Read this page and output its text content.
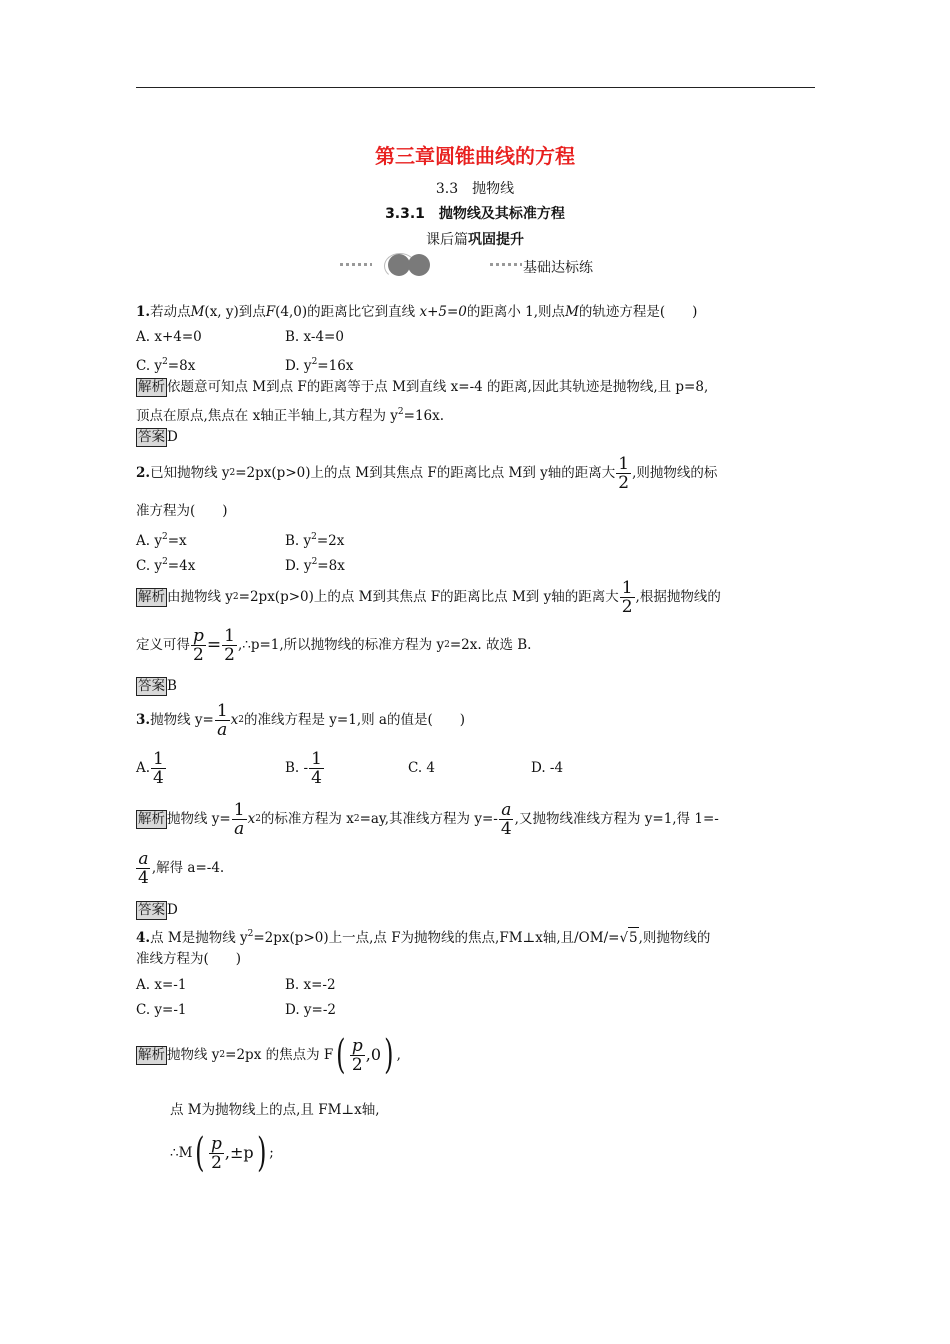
第三章圆锥曲线的方程
3.3　抛物线
3.3.1　抛物线及其标准方程
课后篇巩固提升
基础达标练
1.若动点M(x, y)到点F(4,0)的距离比它到直线 x+5=0的距离小 1,则点M的轨迹方程是(　　)
A. x+4=0	B. x-4=0
C. $y^2=8x$	D. $y^2=16x$
解析 依题意可知点 M到点 F的距离等于点 M到直线 x=-4 的距离,因此其轨迹是抛物线,且 p=8,
顶点在原点,焦点在 x轴正半轴上,其方程为 $y^2=16x$.
答案 D
2. 已知抛物线 y 2 =2px(p>0)上的点 M到其焦点 F的距离比点 M到 y轴的距离大 $\frac{1}{2}$ ,则抛物线的标
准方程为(　　)
A. $y^2=x$	B. $y^2=2x$
C. $y^2=4x$	D. $y^2=8x$
解析 由抛物线 y 2 =2px(p>0)上的点 M到其焦点 F的距离比点 M到 y轴的距离大 $\frac{1}{2}$ ,根据抛物线的
定义可得 $\frac{p}{2} = \frac{1}{2}$ ,∴p=1,所以抛物线的标准方程为 y 2 =2x. 故选 B.
答案 B
3. 抛物线 $y= \frac{1}{a}$ x 2 的准线方程是 y=1,则 a的值是(　　)
A. $\frac{1}{4}$	B. - $\frac{1}{4}$	C. 4	D. -4
解析 抛物线 $y= \frac{1}{a}$ x 2 的标准方程为 x 2 =ay,其准线方程为 $y=- \frac{a}{4}$ ,又抛物线准线方程为 y=1,得 1=-
$\frac{a}{4}$ ,解得 a=-4.
答案 D
4.点 M是抛物线 $y^2=2px(p>0)$上一点,点 F为抛物线的焦点,FM⊥x轴,且/OM/=√5,则抛物线的
准线方程为(　　)
A. x=-1	B. x=-2
C. y=-1	D. y=-2
解析 抛物线 y 2 =2px 的焦点为 F ( $\frac{p}{2} ,0$ ) ,
点 M为抛物线上的点,且 FM⊥x轴,
∴M ( $\frac{p}{2} ,\pm p$ ) ;
